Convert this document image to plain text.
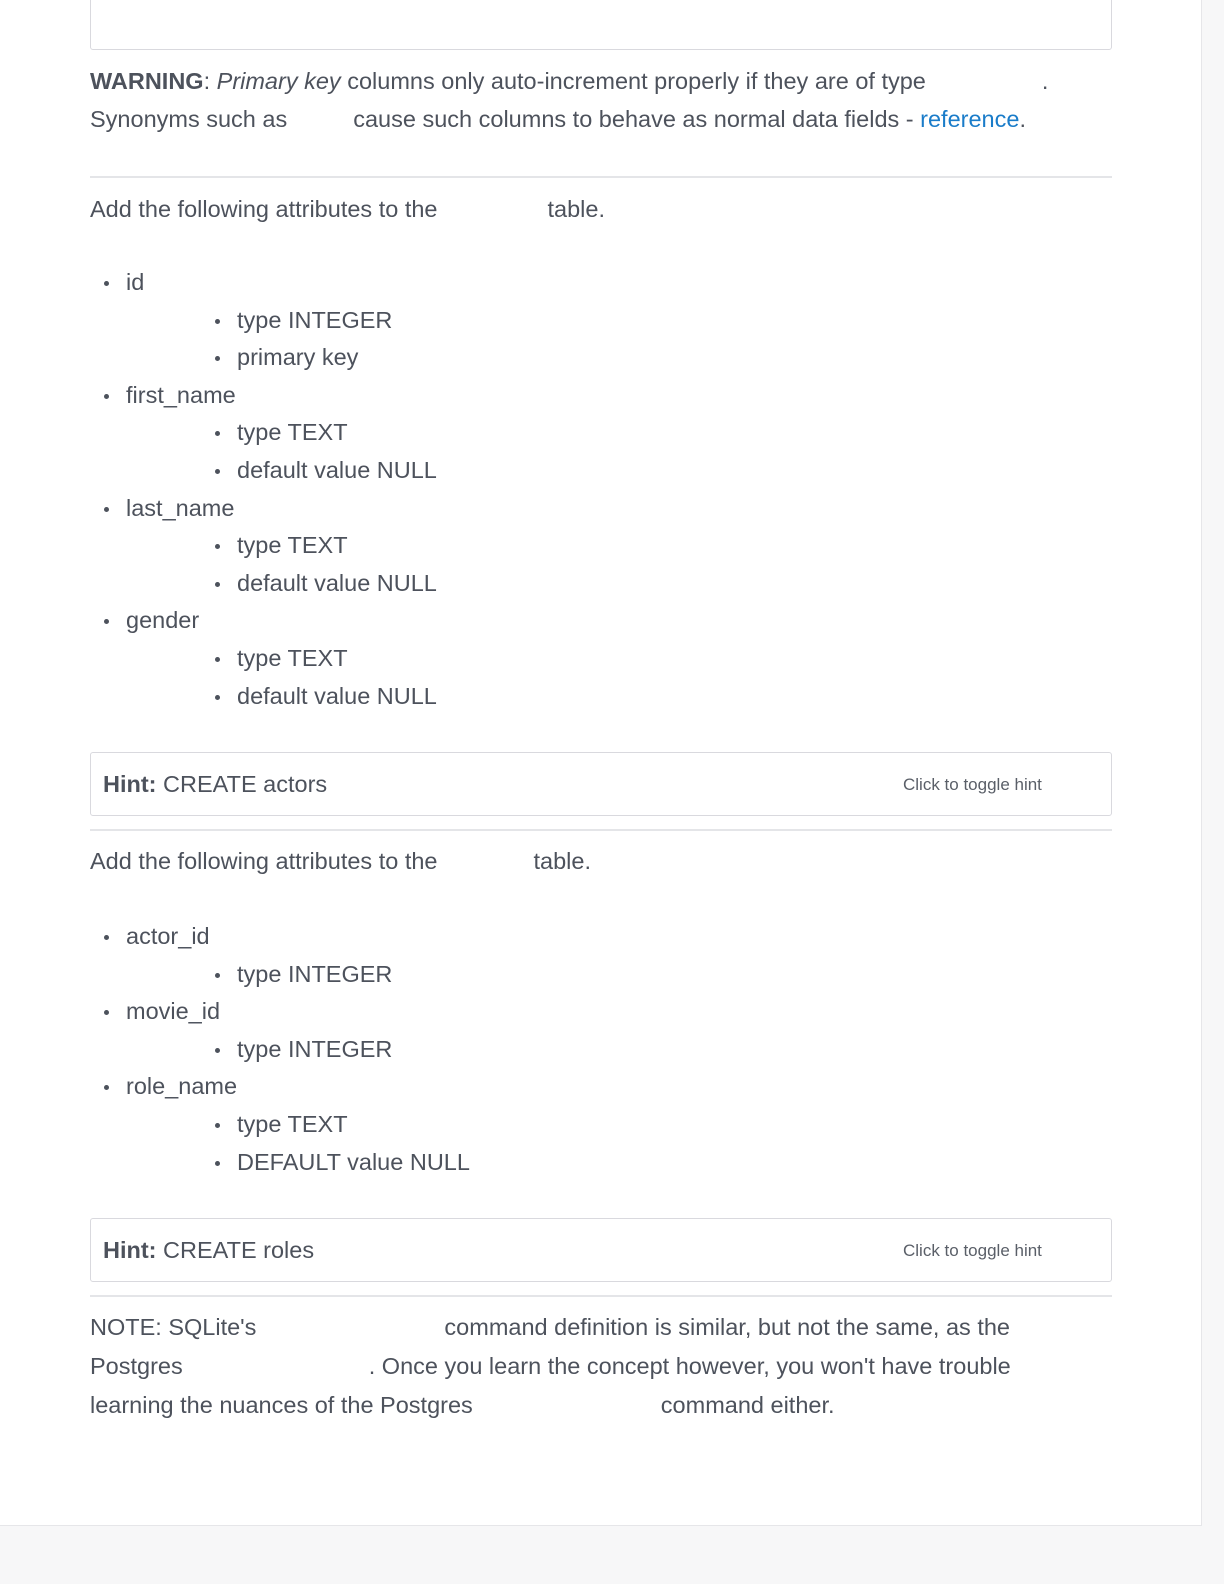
WARNING: Primary key columns only auto-increment properly if they are of type	.
Synonyms such as	cause such columns to behave as normal data fields - reference.
Add the following attributes to the	table.
id
type INTEGER
primary key
first_name
type TEXT
default value NULL
last_name
type TEXT
default value NULL
gender
type TEXT
default value NULL
Hint: CREATE actors	Click to toggle hint
Add the following attributes to the	table.
actor_id
type INTEGER
movie_id
type INTEGER
role_name
type TEXT
DEFAULT value NULL
Hint: CREATE roles	Click to toggle hint
NOTE: SQLite's	command definition is similar, but not the same, as the
Postgres	. Once you learn the concept however, you won't have trouble
learning the nuances of the Postgres	command either.
